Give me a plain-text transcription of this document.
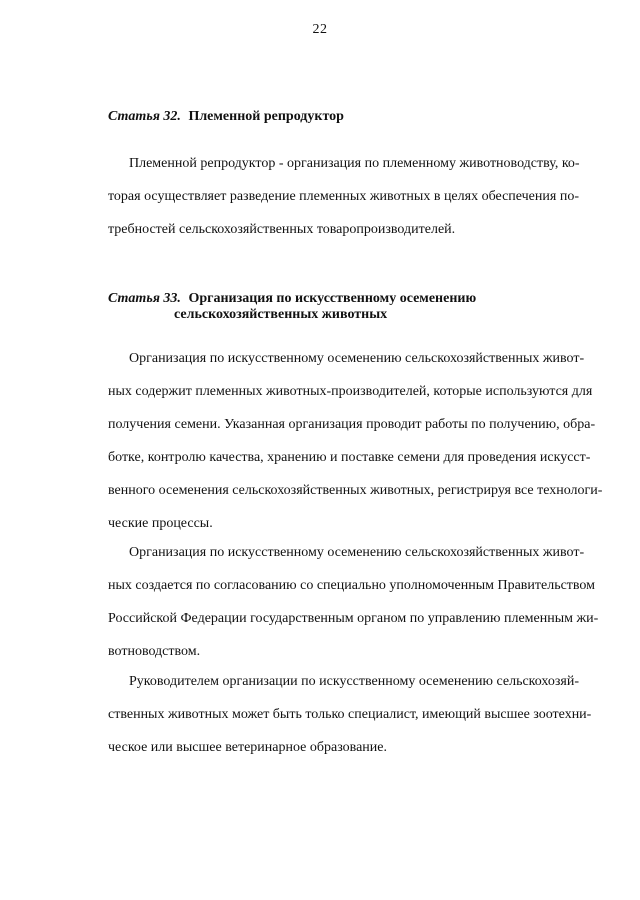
22
Статья 32. Племенной репродуктор
Племенной репродуктор - организация по племенному животноводству, ко-
торая осуществляет разведение племенных животных в целях обеспечения по-
требностей сельскохозяйственных товаропроизводителей.
Статья 33. Организация по искусственному осеменению
сельскохозяйственных животных
Организация по искусственному осеменению сельскохозяйственных живот-
ных содержит племенных животных-производителей, которые используются для
получения семени. Указанная организация проводит работы по получению, обра-
ботке, контролю качества, хранению и поставке семени для проведения искусст-
венного осеменения сельскохозяйственных животных, регистрируя все технологи-
ческие процессы.
Организация по искусственному осеменению сельскохозяйственных живот-
ных создается по согласованию со специально уполномоченным Правительством
Российской Федерации государственным органом по управлению племенным жи-
вотноводством.
Руководителем организации по искусственному осеменению сельскохозяй-
ственных животных может быть только специалист, имеющий высшее зоотехни-
ческое или высшее ветеринарное образование.
